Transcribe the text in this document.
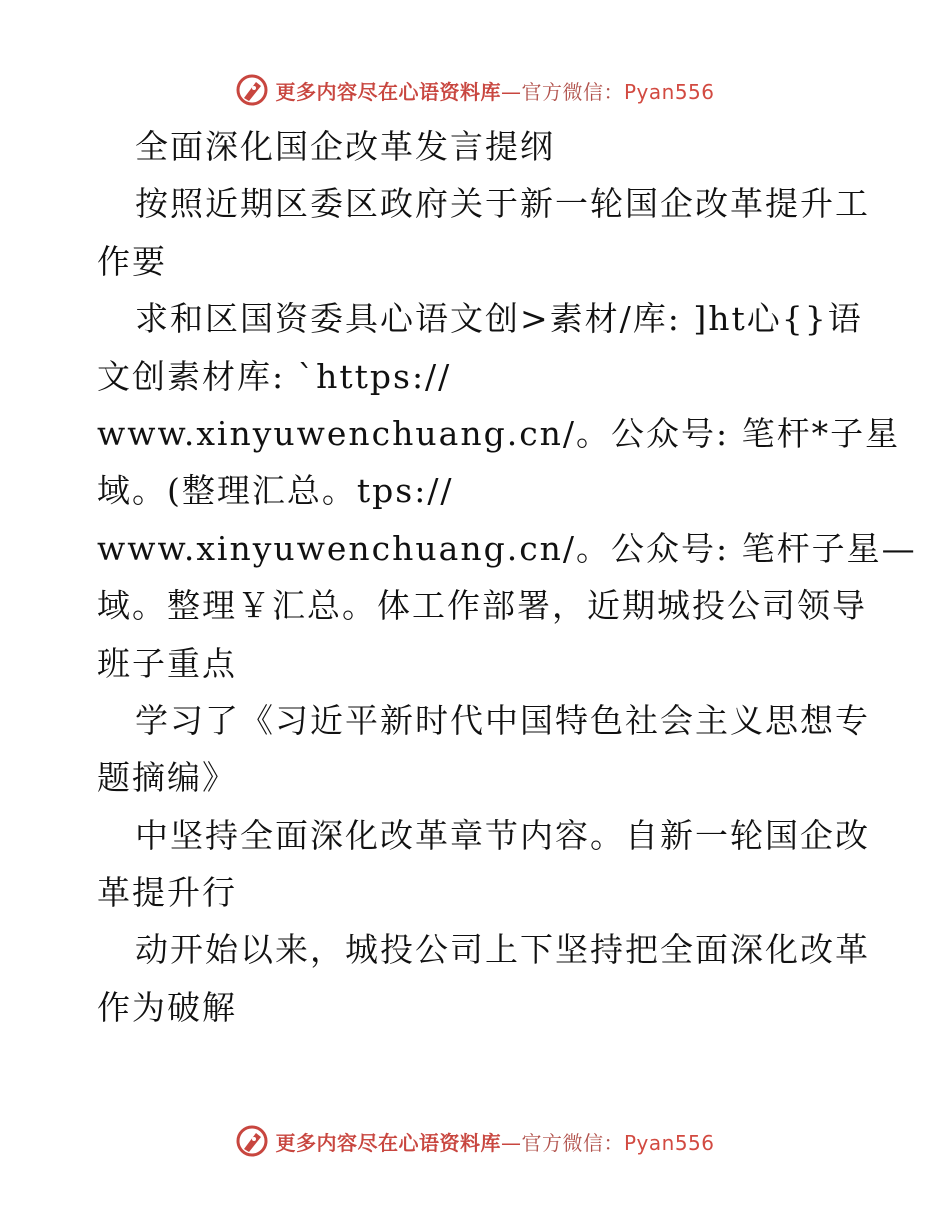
更多内容尽在心语资料库—官方微信：Pyan556
全面深化国企改革发言提纲
按照近期区委区政府关于新一轮国企改革提升工
作要
求和区国资委具心语文创>素材/库: ]ht心{}语
文创素材库: `https://
www.xinyuwenchuang.cn/。公众号: 笔杆*子星
域。(整理汇总。tps://
www.xinyuwenchuang.cn/。公众号: 笔杆子星—
域。整理￥汇总。体工作部署，近期城投公司领导
班子重点
学习了《习近平新时代中国特色社会主义思想专
题摘编》
中坚持全面深化改革章节内容。自新一轮国企改
革提升行
动开始以来，城投公司上下坚持把全面深化改革
作为破解
更多内容尽在心语资料库—官方微信：Pyan556
